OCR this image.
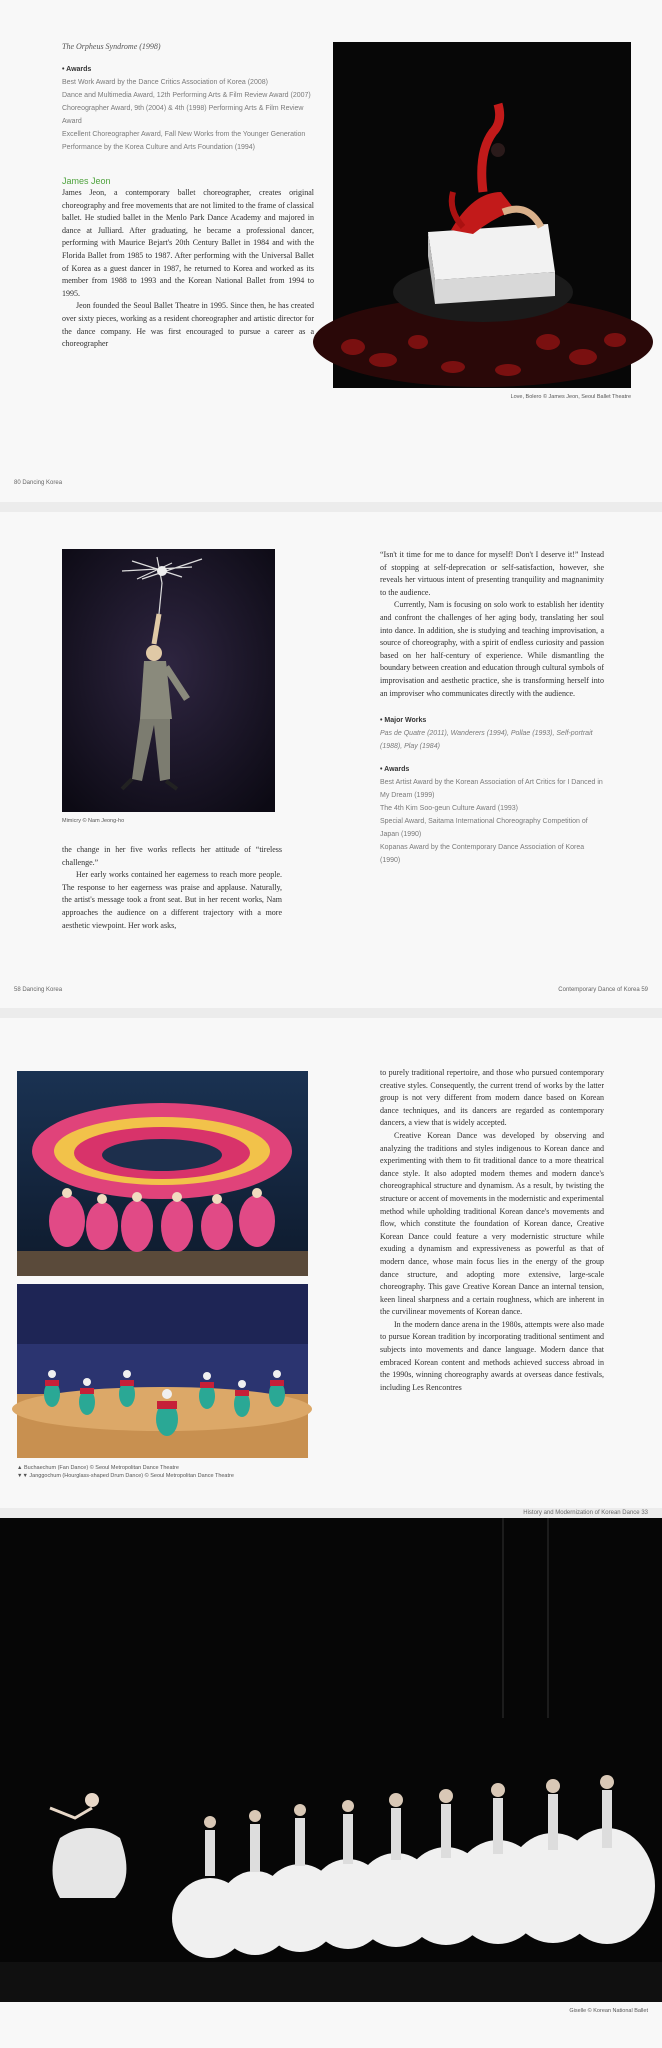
The Orpheus Syndrome (1998)
• Awards
Best Work Award by the Dance Critics Association of Korea (2008)
Dance and Multimedia Award, 12th Performing Arts & Film Review Award (2007)
Choreographer Award, 9th (2004) & 4th (1998) Performing Arts & Film Review Award
Excellent Choreographer Award, Fall New Works from the Younger Generation Performance by the Korea Culture and Arts Foundation (1994)
James Jeon

James Jeon, a contemporary ballet choreographer, creates original choreography and free movements that are not limited to the frame of classical ballet. He studied ballet in the Menlo Park Dance Academy and majored in dance at Julliard. After graduating, he became a professional dancer, performing with Maurice Bejart's 20th Century Ballet in 1984 and with the Florida Ballet from 1985 to 1987. After performing with the Universal Ballet of Korea as a guest dancer in 1987, he returned to Korea and worked as its member from 1988 to 1993 and the Korean National Ballet from 1994 to 1995.

Jeon founded the Seoul Ballet Theatre in 1995. Since then, he has created over sixty pieces, working as a resident choreographer and artistic director for the dance company. He was first encouraged to pursue a career as a choreographer

Love, Bolero © James Jeon, Seoul Ballet Theatre
80 Dancing Korea
Mimicry © Nam Jeong-ho

the change in her five works reflects her attitude of “tireless challenge.”

Her early works contained her eagerness to reach more people. The response to her eagerness was praise and applause. Naturally, the artist's message took a front seat. But in her recent works, Nam approaches the audience on a different trajectory with a more aesthetic viewpoint. Her work asks,

“Isn't it time for me to dance for myself! Don't I deserve it!” Instead of stopping at self-deprecation or self-satisfaction, however, she reveals her virtuous intent of presenting tranquility and magnanimity to the audience.

Currently, Nam is focusing on solo work to establish her identity and confront the challenges of her aging body, translating her soul into dance. In addition, she is studying and teaching improvisation, a source of choreography, with a spirit of endless curiosity and passion based on her half-century of experience. While dismantling the boundary between creation and education through cultural symbols of improvisation and aesthetic practice, she is transforming herself into an improviser who communicates directly with the audience.

• Major Works
Pas de Quatre (2011), Wanderers (1994), Pollae (1993), Self-portrait (1988), Play (1984)
• Awards
Best Artist Award by the Korean Association of Art Critics for I Danced in My Dream (1999)
The 4th Kim Soo-geun Culture Award (1993)
Special Award, Saitama International Choreography Competition of Japan (1990)
Kopanas Award by the Contemporary Dance Association of Korea (1990)
58 Dancing Korea	Contemporary Dance of Korea 59
▲ Buchaechum (Fan Dance) © Seoul Metropolitan Dance Theatre
▼▼ Janggochum (Hourglass-shaped Drum Dance) © Seoul Metropolitan Dance Theatre

to purely traditional repertoire, and those who pursued contemporary creative styles. Consequently, the current trend of works by the latter group is not very different from modern dance based on Korean dance techniques, and its dancers are regarded as contemporary dancers, a view that is widely accepted.

Creative Korean Dance was developed by observing and analyzing the traditions and styles indigenous to Korean dance and experimenting with them to fit traditional dance to a more theatrical dance style. It also adopted modern themes and modern dance's choreographical structure and dynamism. As a result, by twisting the structure or accent of movements in the modernistic and experimental method while upholding traditional Korean dance's movements and flow, which constitute the foundation of Korean dance, Creative Korean Dance could feature a very modernistic structure while exuding a dynamism and expressiveness as powerful as that of modern dance, whose main focus lies in the energy of the group dance structure, and adopting more extensive, large-scale choreography. This gave Creative Korean Dance an internal tension, keen lineal sharpness and a certain roughness, which are inherent in the curvilinear movements of Korean dance.

In the modern dance arena in the 1980s, attempts were also made to pursue Korean tradition by incorporating traditional sentiment and subjects into movements and dance language. Modern dance that embraced Korean content and methods achieved success abroad in the 1990s, winning choreography awards at overseas dance festivals, including Les Rencontres

History and Modernization of Korean Dance 33
Giselle © Korean National Ballet
